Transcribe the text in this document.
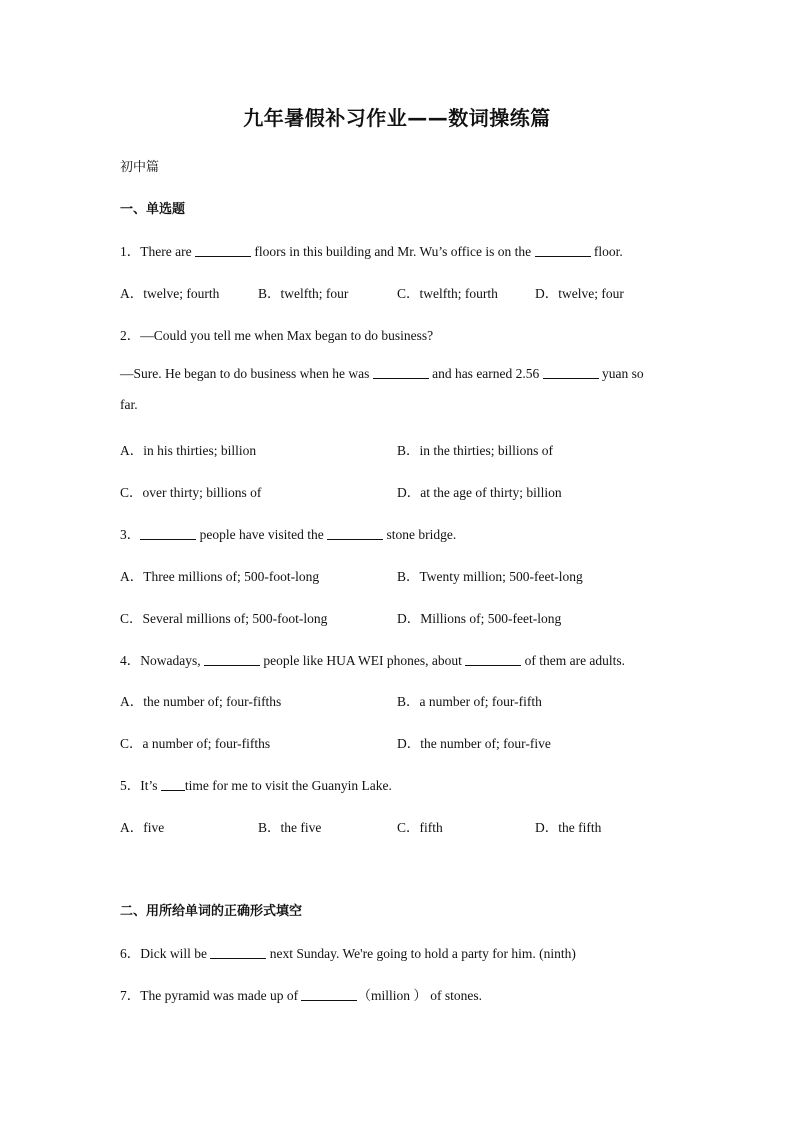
九年暑假补习作业——数词操练篇
初中篇
一、单选题
1．There are	floors in this building and Mr. Wu’s office is on the	floor.
A．twelve; fourth	B．twelfth; four	C．twelfth; fourth	D．twelve; four
2．—Could you tell me when Max began to do business?
—Sure. He began to do business when he was	and has earned 2.56	yuan so
far.
A．in his thirties; billion	B．in the thirties; billions of
C．over thirty; billions of	D．at the age of thirty; billion
3．	people have visited the	stone bridge.
A．Three millions of; 500-foot-long	B．Twenty million; 500-feet-long
C．Several millions of; 500-foot-long	D．Millions of; 500-feet-long
4．Nowadays,	people like HUA WEI phones, about	of them are adults.
A．the number of; four-fifths	B．a number of; four-fifth
C．a number of; four-fifths	D．the number of; four-five
5．It’s time for me to visit the Guanyin Lake.
A．five	B．the five	C．fifth	D．the fifth
二、用所给单词的正确形式填空
6．Dick will be	next Sunday. We're going to hold a party for him. (ninth)
7．The pyramid was made up of	（million ） of stones.
